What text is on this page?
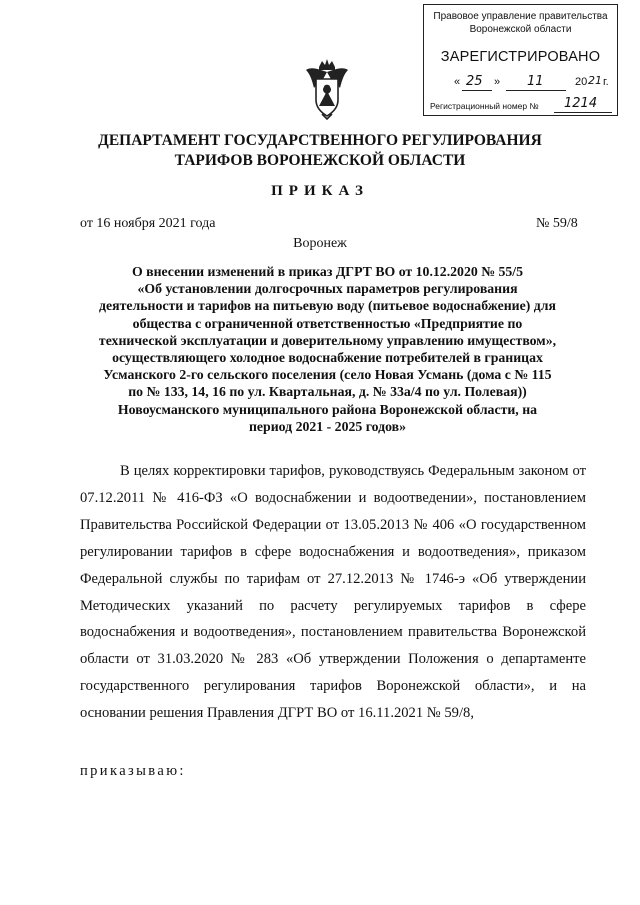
Правовое управление правительства
Воронежской области
ЗАРЕГИСТРИРОВАНО
« 25 » 11	20 21 г.
Регистрационный номер № 1214
ДЕПАРТАМЕНТ ГОСУДАРСТВЕННОГО РЕГУЛИРОВАНИЯ
ТАРИФОВ ВОРОНЕЖСКОЙ ОБЛАСТИ
ПРИКАЗ
от 16 ноября 2021 года	№ 59/8
Воронеж
О внесении изменений в приказ ДГРТ ВО от 10.12.2020 № 55/5
«Об установлении долгосрочных параметров регулирования
деятельности и тарифов на питьевую воду (питьевое водоснабжение) для
общества с ограниченной ответственностью «Предприятие по
технической эксплуатации и доверительному управлению имуществом»,
осуществляющего холодное водоснабжение потребителей в границах
Усманского 2-го сельского поселения (село Новая Усмань (дома с № 115
по № 133, 14, 16 по ул. Квартальная, д. № 33а/4 по ул. Полевая))
Новоусманского муниципального района Воронежской области, на
период 2021 - 2025 годов»

В целях корректировки тарифов, руководствуясь Федеральным законом от 07.12.2011 № 416-ФЗ «О водоснабжении и водоотведении», постановлением Правительства Российской Федерации от 13.05.2013 № 406 «О государственном регулировании тарифов в сфере водоснабжения и водоотведения», приказом Федеральной службы по тарифам от 27.12.2013 № 1746-э «Об утверждении Методических указаний по расчету регулируемых тарифов в сфере водоснабжения и водоотведения», постановлением правительства Воронежской области от 31.03.2020 № 283 «Об утверждении Положения о департаменте государственного регулирования тарифов Воронежской области», и на основании решения Правления ДГРТ ВО от 16.11.2021 № 59/8,

приказываю:
